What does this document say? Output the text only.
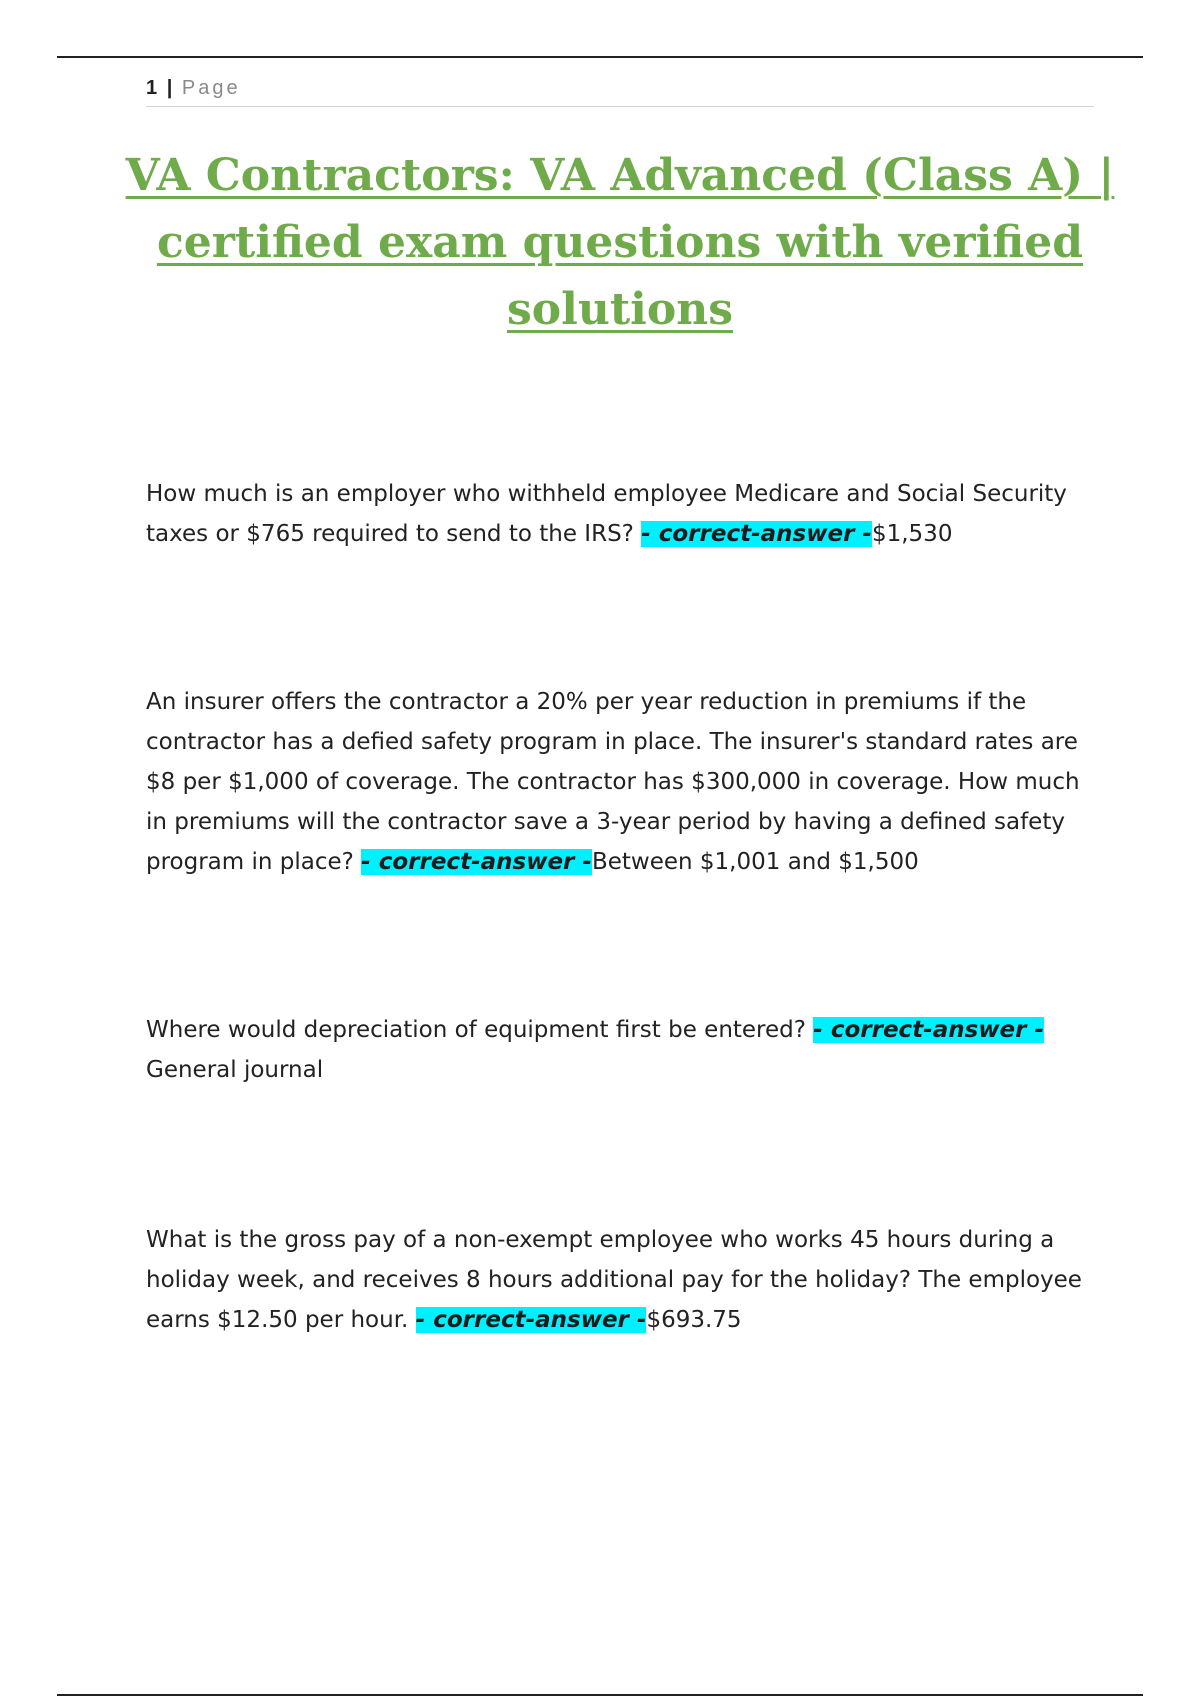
1 | Page
VA Contractors: VA Advanced (Class A) | certified exam questions with verified solutions

How much is an employer who withheld employee Medicare and Social Security taxes or $765 required to send to the IRS? - correct-answer -$1,530

An insurer offers the contractor a 20% per year reduction in premiums if the contractor has a defied safety program in place. The insurer's standard rates are $8 per $1,000 of coverage. The contractor has $300,000 in coverage. How much in premiums will the contractor save a 3-year period by having a defined safety program in place? - correct-answer -Between $1,001 and $1,500

Where would depreciation of equipment first be entered? - correct-answer -General journal

What is the gross pay of a non-exempt employee who works 45 hours during a holiday week, and receives 8 hours additional pay for the holiday? The employee earns $12.50 per hour. - correct-answer -$693.75
